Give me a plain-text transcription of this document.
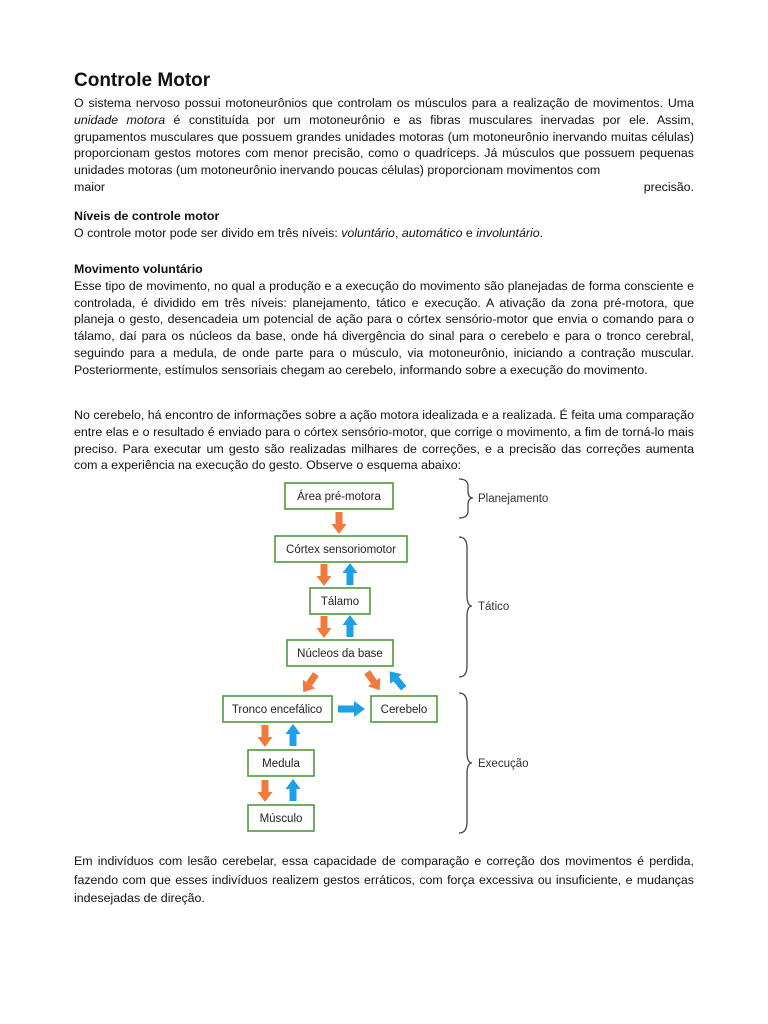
Controle Motor

O sistema nervoso possui motoneurônios que controlam os músculos para a realização de movimentos. Uma unidade motora é constituída por um motoneurônio e as fibras musculares inervadas por ele. Assim, grupamentos musculares que possuem grandes unidades motoras (um motoneurônio inervando muitas células) proporcionam gestos motores com menor precisão, como o quadríceps. Já músculos que possuem pequenas unidades motoras (um motoneurônio inervando poucas células) proporcionam movimentos com

maior	precisão.
Níveis de controle motor
O controle motor pode ser divido em três níveis: voluntário, automático e involuntário.
Movimento voluntário

Esse tipo de movimento, no qual a produção e a execução do movimento são planejadas de forma consciente e controlada, é dividido em três níveis: planejamento, tático e execução. A ativação da zona pré-motora, que planeja o gesto, desencadeia um potencial de ação para o córtex sensório-motor que envia o comando para o tálamo, daí para os núcleos da base, onde há divergência do sinal para o cerebelo e para o tronco cerebral, seguindo para a medula, de onde parte para o músculo, via motoneurônio, iniciando a contração muscular. Posteriormente, estímulos sensoriais chegam ao cerebelo, informando sobre a execução do movimento.

No cerebelo, há encontro de informações sobre a ação motora idealizada e a realizada. É feita uma comparação entre elas e o resultado é enviado para o córtex sensório-motor, que corrige o movimento, a fim de torná-lo mais preciso. Para executar um gesto são realizadas milhares de correções, e a precisão das correções aumenta com a experiência na execução do gesto. Observe o esquema abaixo:

Área pré-motora
Córtex sensoriomotor
Tálamo
Núcleos da base
Tronco encefálico	Cerebelo
Medula
Músculo
Planejamento
Tático
Execução

Em indivíduos com lesão cerebelar, essa capacidade de comparação e correção dos movimentos é perdida, fazendo com que esses indivíduos realizem gestos erráticos, com força excessiva ou insuficiente, e mudanças indesejadas de direção.
